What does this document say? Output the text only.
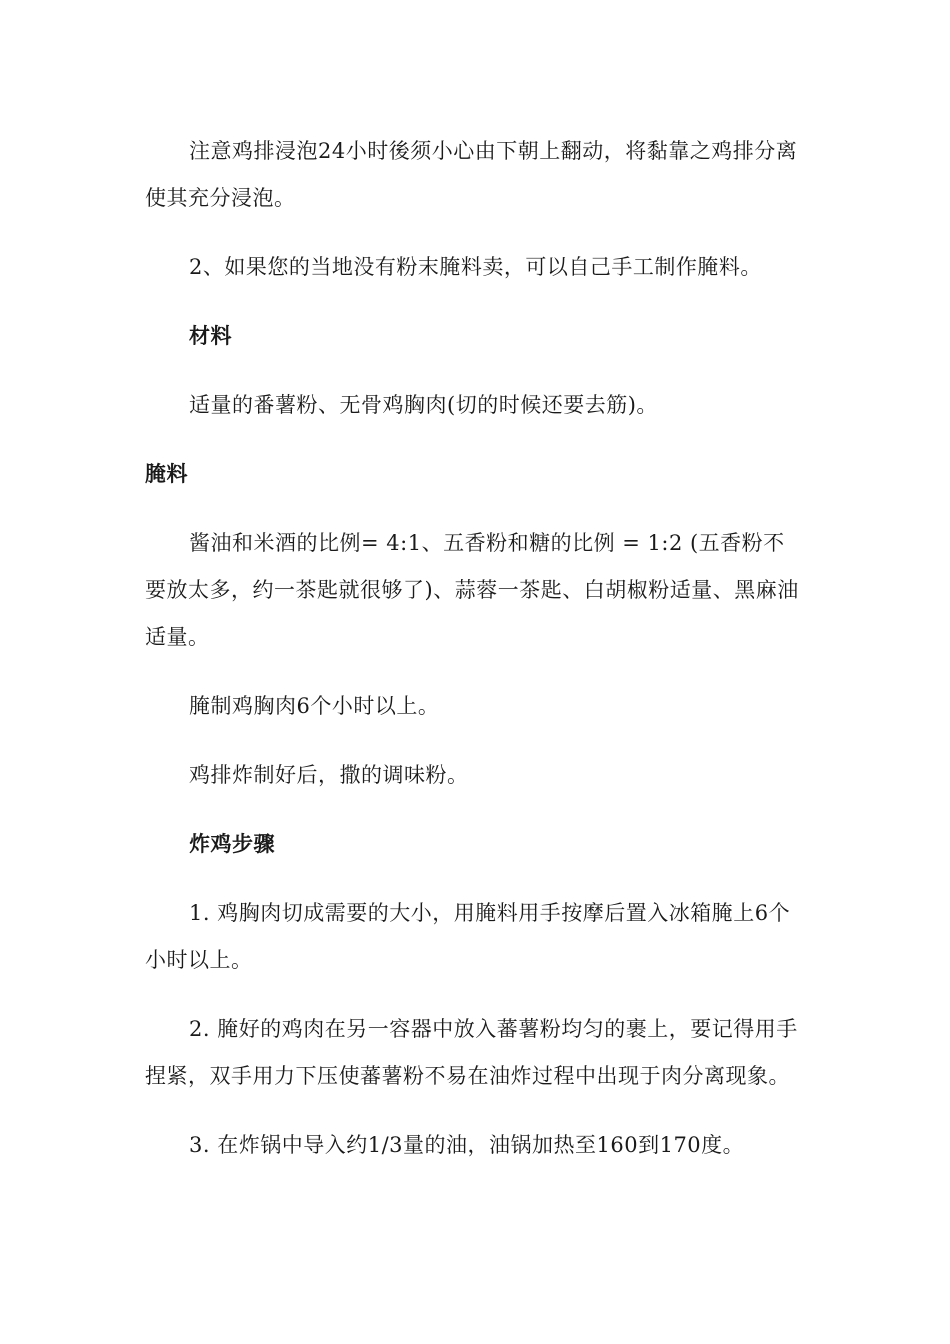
注意鸡排浸泡24小时後须小心由下朝上翻动，将黏靠之鸡排分离使其充分浸泡。

2、如果您的当地没有粉末腌料卖，可以自己手工制作腌料。

材料

适量的番薯粉、无骨鸡胸肉(切的时候还要去筋)。

腌料

酱油和米酒的比例= 4:1、五香粉和糖的比例 = 1:2 (五香粉不要放太多，约一茶匙就很够了)、蒜蓉一茶匙、白胡椒粉适量、黑麻油适量。

腌制鸡胸肉6个小时以上。

鸡排炸制好后，撒的调味粉。

炸鸡步骤

1. 鸡胸肉切成需要的大小，用腌料用手按摩后置入冰箱腌上6个小时以上。

2. 腌好的鸡肉在另一容器中放入蕃薯粉均匀的裹上，要记得用手捏紧，双手用力下压使蕃薯粉不易在油炸过程中出现于肉分离现象。

3. 在炸锅中导入约1/3量的油，油锅加热至160到170度。
